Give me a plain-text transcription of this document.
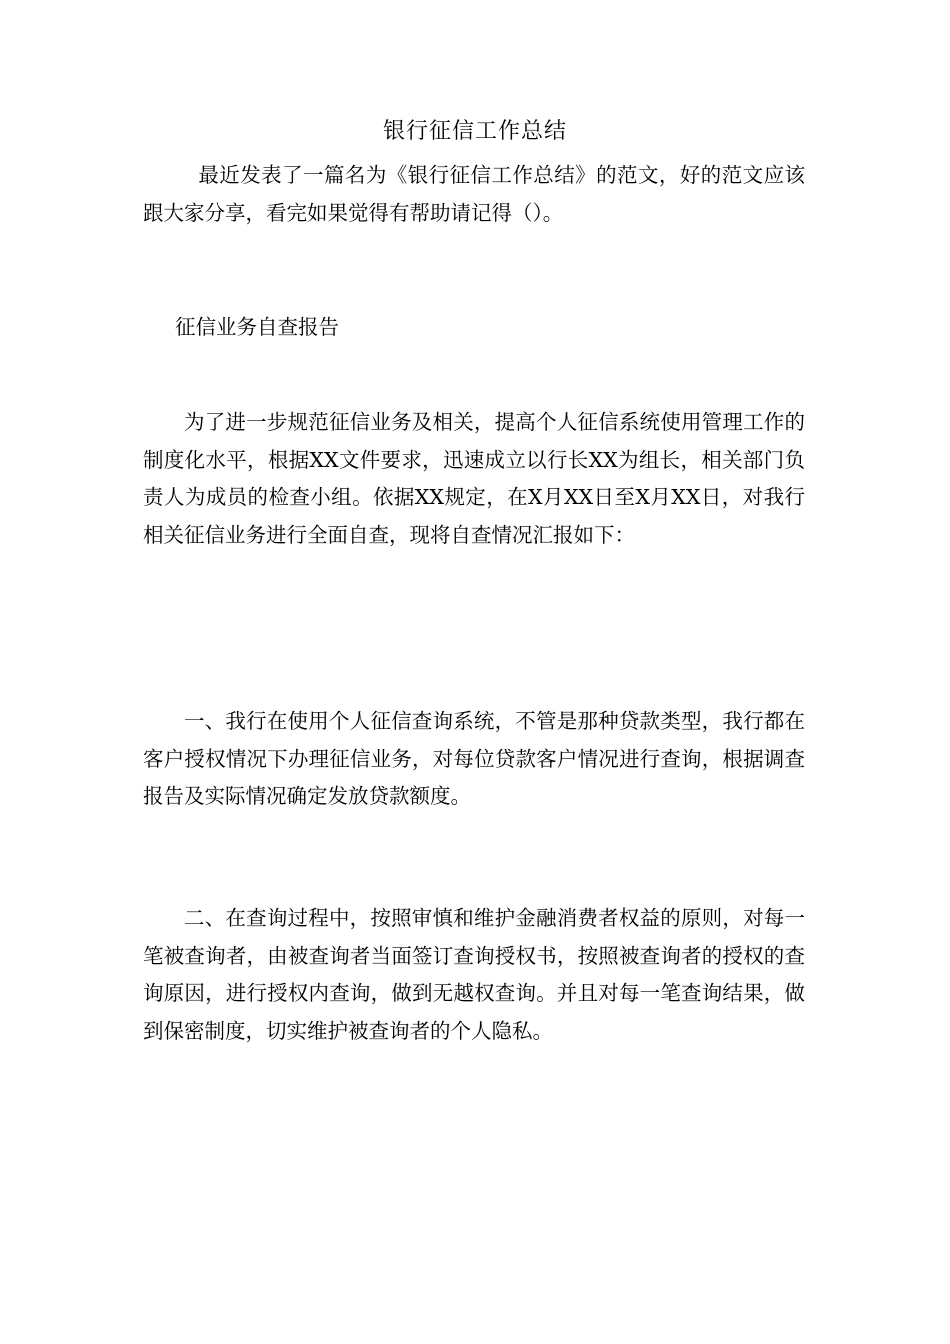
银行征信工作总结

最近发表了一篇名为《银行征信工作总结》的范文，好的范文应该跟大家分享，看完如果觉得有帮助请记得（）。

征信业务自查报告

为了进一步规范征信业务及相关，提高个人征信系统使用管理工作的制度化水平，根据XX文件要求，迅速成立以行长XX为组长，相关部门负责人为成员的检查小组。依据XX规定，在X月XX日至X月XX日，对我行相关征信业务进行全面自查，现将自查情况汇报如下：

一、我行在使用个人征信查询系统，不管是那种贷款类型，我行都在客户授权情况下办理征信业务，对每位贷款客户情况进行查询，根据调查报告及实际情况确定发放贷款额度。

二、在查询过程中，按照审慎和维护金融消费者权益的原则，对每一笔被查询者，由被查询者当面签订查询授权书，按照被查询者的授权的查询原因，进行授权内查询，做到无越权查询。并且对每一笔查询结果，做到保密制度，切实维护被查询者的个人隐私。
